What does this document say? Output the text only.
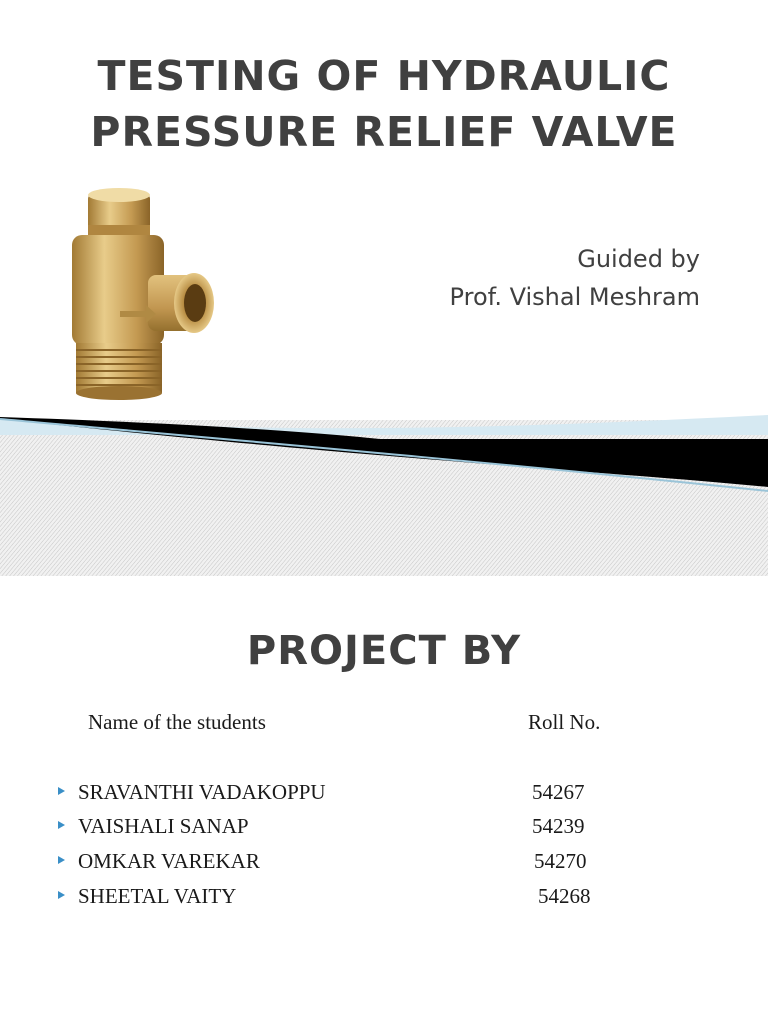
TESTING OF HYDRAULIC
PRESSURE RELIEF VALVE
Guided by
Prof. Vishal Meshram
PROJECT BY
Name of the students	Roll No.
SRAVANTHI VADAKOPPU	54267
VAISHALI SANAP	54239
OMKAR VAREKAR	54270
SHEETAL VAITY	54268
